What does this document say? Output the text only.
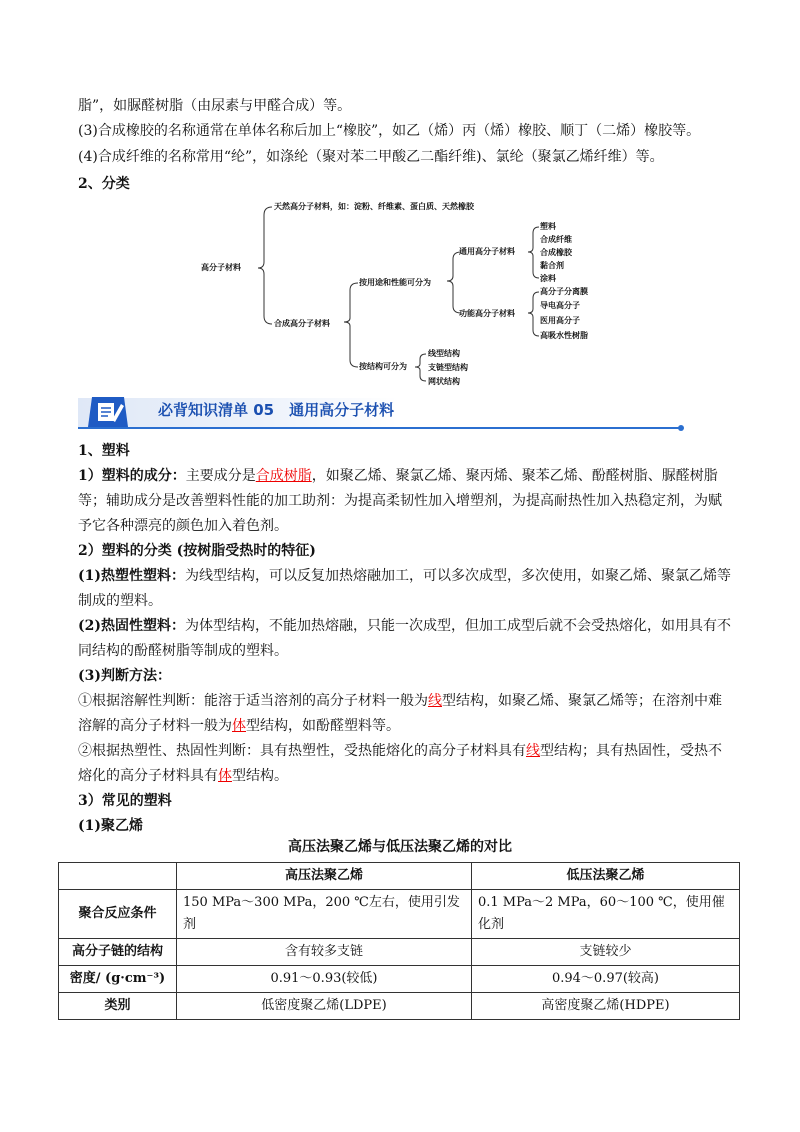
脂”，如脲醛树脂（由尿素与甲醛合成）等。
(3)合成橡胶的名称通常在单体名称后加上“橡胶”，如乙（烯）丙（烯）橡胶、顺丁（二烯）橡胶等。
(4)合成纤维的名称常用“纶”，如涤纶（聚对苯二甲酸乙二酯纤维)、氯纶（聚氯乙烯纤维）等。
2、分类
高分子材料
天然高分子材料，如：淀粉、纤维素、蛋白质、天然橡胶
合成高分子材料
按用途和性能可分为
通用高分子材料
塑料
合成纤维
合成橡胶
黏合剂
涂料
功能高分子材料
高分子分离膜
导电高分子
医用高分子
高吸水性树脂
按结构可分为
线型结构
支链型结构
网状结构
必背知识清单 05　通用高分子材料
1、塑料
1）塑料的成分：主要成分是合成树脂，如聚乙烯、聚氯乙烯、聚丙烯、聚苯乙烯、酚醛树脂、脲醛树脂
等；辅助成分是改善塑料性能的加工助剂：为提高柔韧性加入增塑剂，为提高耐热性加入热稳定剂，为赋
予它各种漂亮的颜色加入着色剂。
2）塑料的分类 (按树脂受热时的特征)
(1)热塑性塑料：为线型结构，可以反复加热熔融加工，可以多次成型，多次使用，如聚乙烯、聚氯乙烯等
制成的塑料。
(2)热固性塑料：为体型结构，不能加热熔融，只能一次成型，但加工成型后就不会受热熔化，如用具有不
同结构的酚醛树脂等制成的塑料。
(3)判断方法：
①根据溶解性判断：能溶于适当溶剂的高分子材料一般为线型结构，如聚乙烯、聚氯乙烯等；在溶剂中难
溶解的高分子材料一般为体型结构，如酚醛塑料等。
②根据热塑性、热固性判断：具有热塑性，受热能熔化的高分子材料具有线型结构；具有热固性，受热不
熔化的高分子材料具有体型结构。
3）常见的塑料
(1)聚乙烯
高压法聚乙烯与低压法聚乙烯的对比
	高压法聚乙烯	低压法聚乙烯
聚合反应条件	150 MPa～300 MPa，200 ℃左右，使用引发剂	0.1 MPa～2 MPa，60～100 ℃，使用催化剂
高分子链的结构	含有较多支链	支链较少
密度/ (g·cm⁻³)	0.91～0.93(较低)	0.94～0.97(较高)
类别	低密度聚乙烯(LDPE)	高密度聚乙烯(HDPE)
